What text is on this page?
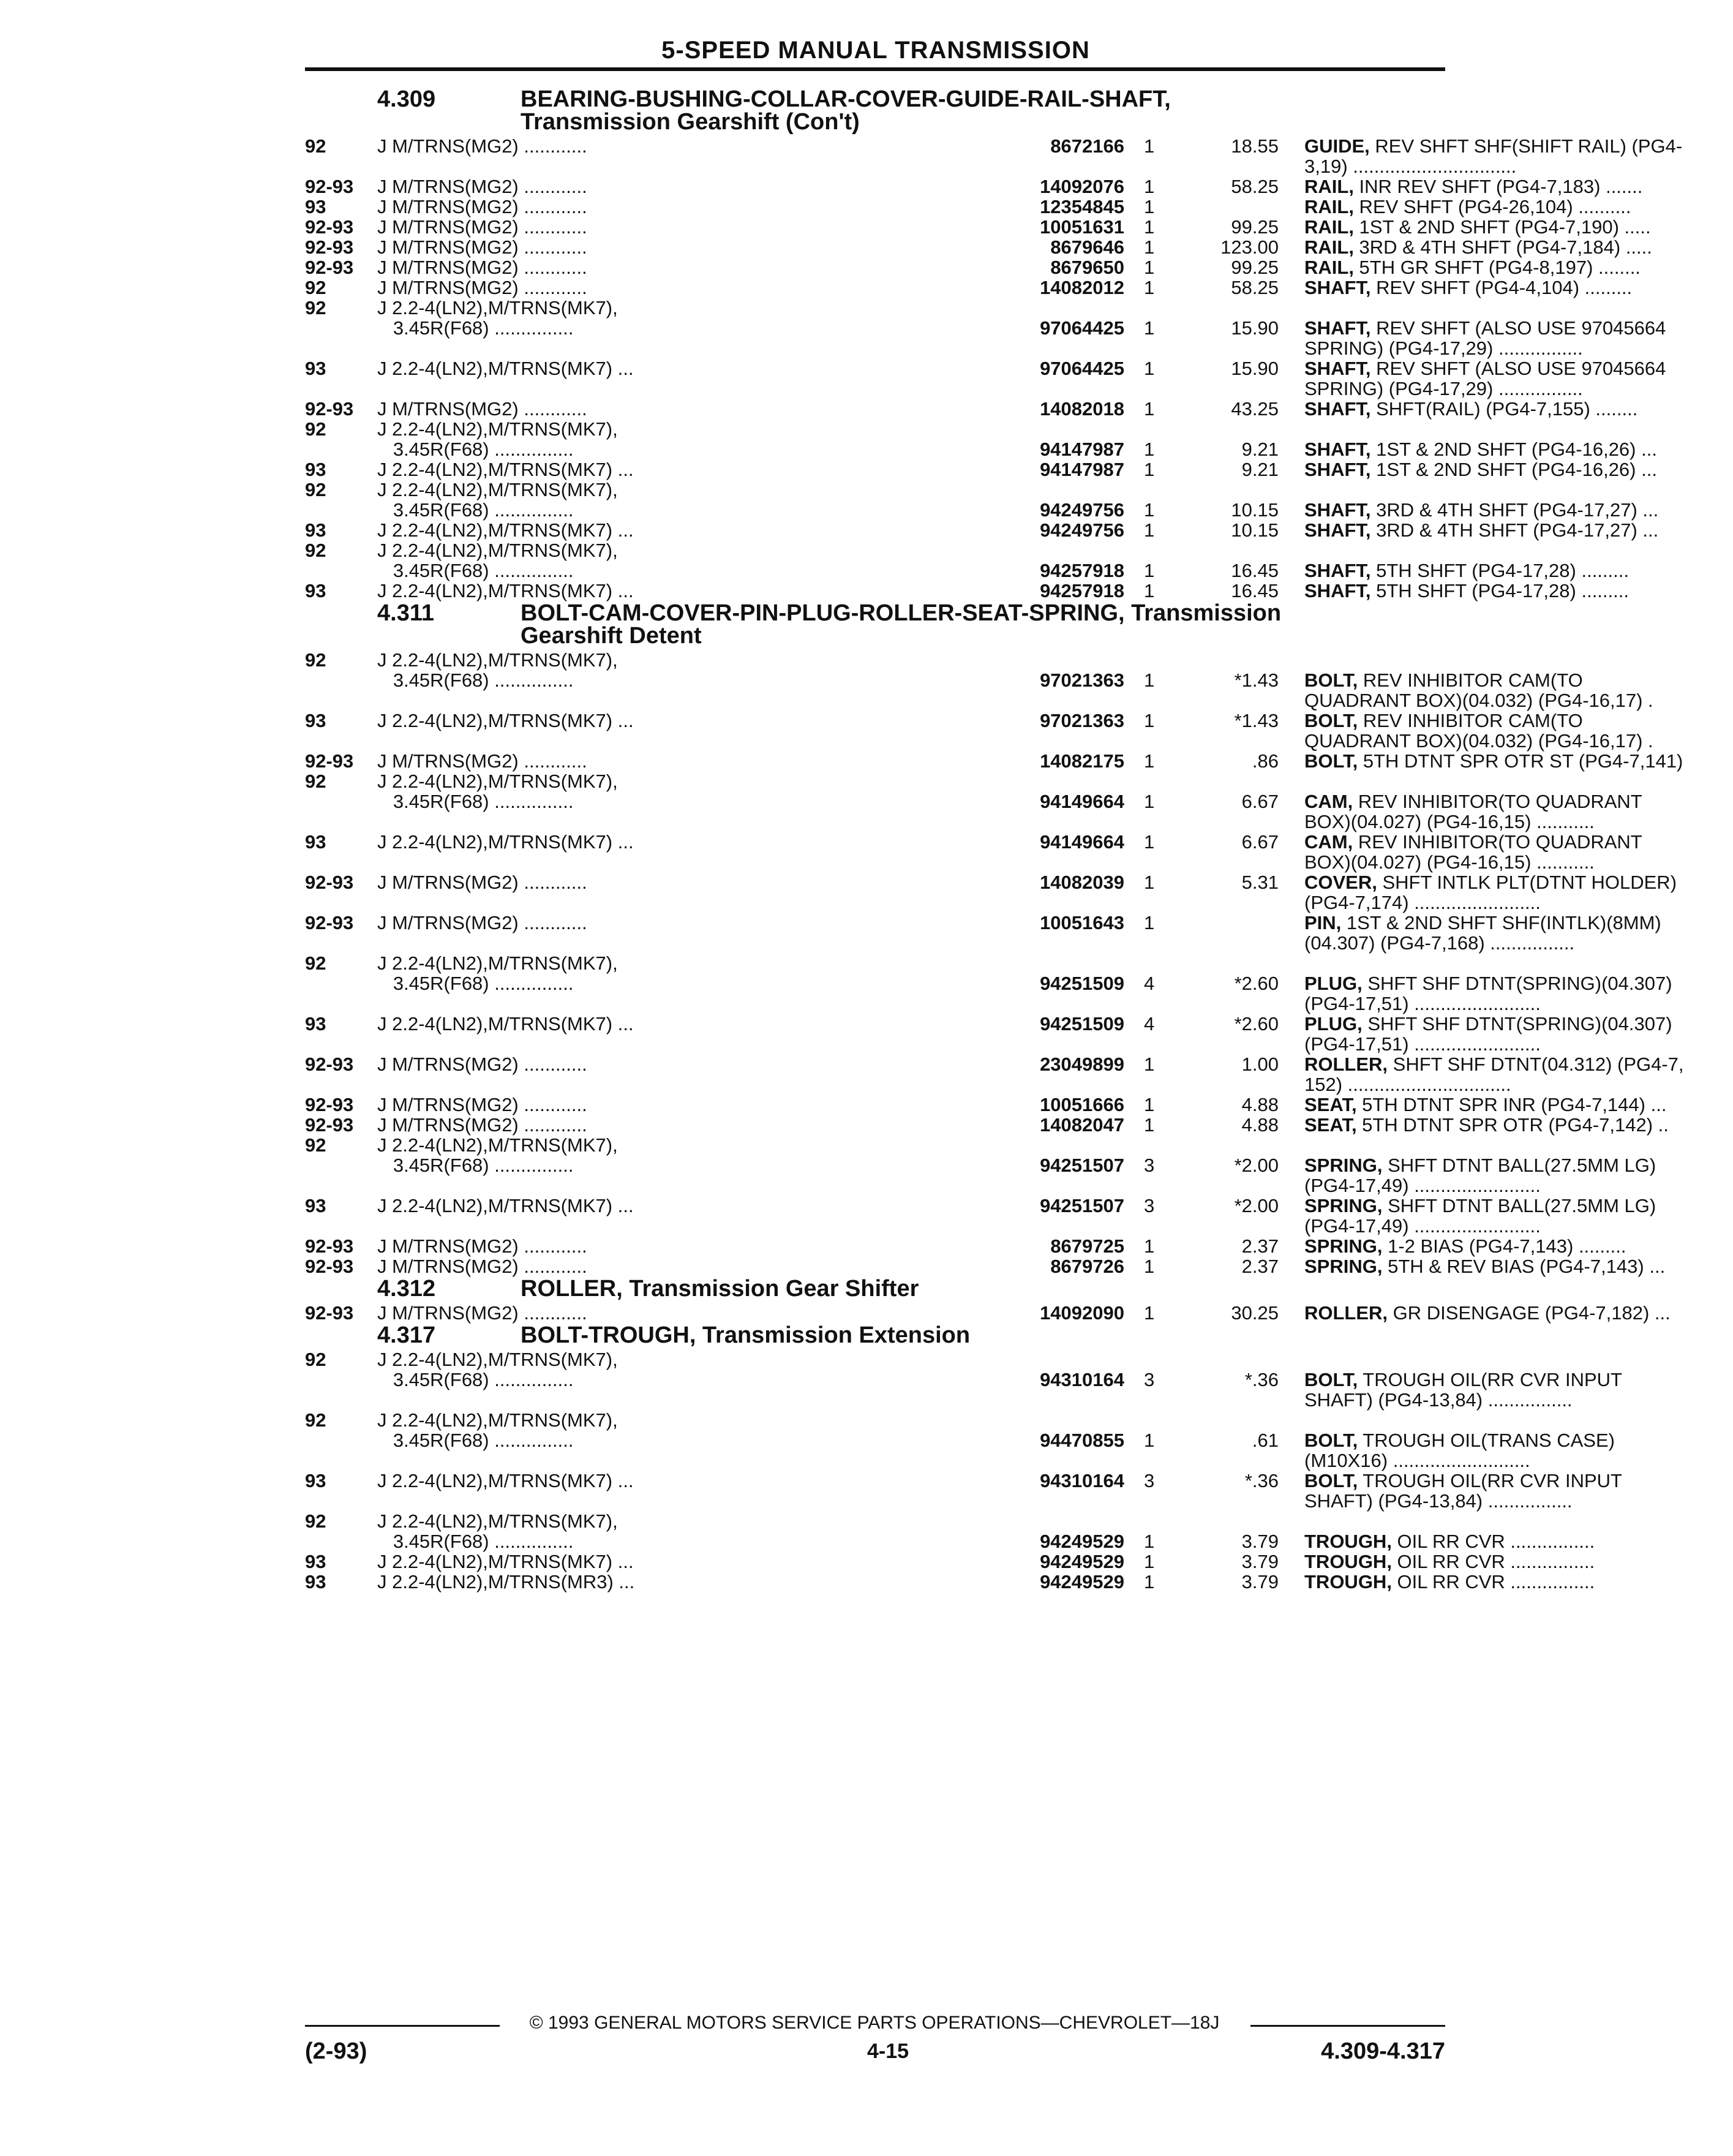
5-SPEED MANUAL TRANSMISSION
4.309	BEARING-BUSHING-COLLAR-COVER-GUIDE-RAIL-SHAFT,
Transmission Gearshift (Con't)
92	J M/TRNS(MG2) ............	8672166 1	18.55 GUIDE, REV SHFT SHF(SHIFT RAIL) (PG4-
3,19) ...............................
92-93	J M/TRNS(MG2) ............	14092076 1	58.25 RAIL, INR REV SHFT (PG4-7,183) .......
93	J M/TRNS(MG2) ............	12354845 1	RAIL, REV SHFT (PG4-26,104) ..........
92-93	J M/TRNS(MG2) ............	10051631 1	99.25 RAIL, 1ST & 2ND SHFT (PG4-7,190) .....
92-93	J M/TRNS(MG2) ............	8679646 1	123.00 RAIL, 3RD & 4TH SHFT (PG4-7,184) .....
92-93	J M/TRNS(MG2) ............	8679650 1	99.25 RAIL, 5TH GR SHFT (PG4-8,197) ........
92	J M/TRNS(MG2) ............	14082012 1	58.25 SHAFT, REV SHFT (PG4-4,104) .........
92	J 2.2-4(LN2),M/TRNS(MK7),
3.45R(F68) ...............	97064425 1	15.90 SHAFT, REV SHFT (ALSO USE 97045664
SPRING) (PG4-17,29) ................
93	J 2.2-4(LN2),M/TRNS(MK7) ...	97064425 1	15.90 SHAFT, REV SHFT (ALSO USE 97045664
SPRING) (PG4-17,29) ................
92-93	J M/TRNS(MG2) ............	14082018 1	43.25 SHAFT, SHFT(RAIL) (PG4-7,155) ........
92	J 2.2-4(LN2),M/TRNS(MK7),
3.45R(F68) ...............	94147987 1	9.21 SHAFT, 1ST & 2ND SHFT (PG4-16,26) ...
93	J 2.2-4(LN2),M/TRNS(MK7) ...	94147987 1	9.21 SHAFT, 1ST & 2ND SHFT (PG4-16,26) ...
92	J 2.2-4(LN2),M/TRNS(MK7),
3.45R(F68) ...............	94249756 1	10.15 SHAFT, 3RD & 4TH SHFT (PG4-17,27) ...
93	J 2.2-4(LN2),M/TRNS(MK7) ...	94249756 1	10.15 SHAFT, 3RD & 4TH SHFT (PG4-17,27) ...
92	J 2.2-4(LN2),M/TRNS(MK7),
3.45R(F68) ...............	94257918 1	16.45 SHAFT, 5TH SHFT (PG4-17,28) .........
93	J 2.2-4(LN2),M/TRNS(MK7) ...	94257918 1	16.45 SHAFT, 5TH SHFT (PG4-17,28) .........
4.311	BOLT-CAM-COVER-PIN-PLUG-ROLLER-SEAT-SPRING, Transmission
Gearshift Detent
92	J 2.2-4(LN2),M/TRNS(MK7),
3.45R(F68) ...............	97021363 1	*1.43 BOLT, REV INHIBITOR CAM(TO
QUADRANT BOX)(04.032) (PG4-16,17) .
93	J 2.2-4(LN2),M/TRNS(MK7) ...	97021363 1	*1.43 BOLT, REV INHIBITOR CAM(TO
QUADRANT BOX)(04.032) (PG4-16,17) .
92-93	J M/TRNS(MG2) ............	14082175 1	.86 BOLT, 5TH DTNT SPR OTR ST (PG4-7,141)
92	J 2.2-4(LN2),M/TRNS(MK7),
3.45R(F68) ...............	94149664 1	6.67 CAM, REV INHIBITOR(TO QUADRANT
BOX)(04.027) (PG4-16,15) ...........
93	J 2.2-4(LN2),M/TRNS(MK7) ...	94149664 1	6.67 CAM, REV INHIBITOR(TO QUADRANT
BOX)(04.027) (PG4-16,15) ...........
92-93	J M/TRNS(MG2) ............	14082039 1	5.31 COVER, SHFT INTLK PLT(DTNT HOLDER)
(PG4-7,174) ........................
92-93	J M/TRNS(MG2) ............	10051643 1	PIN, 1ST & 2ND SHFT SHF(INTLK)(8MM)
(04.307) (PG4-7,168) ................
92	J 2.2-4(LN2),M/TRNS(MK7),
3.45R(F68) ...............	94251509 4	*2.60 PLUG, SHFT SHF DTNT(SPRING)(04.307)
(PG4-17,51) ........................
93	J 2.2-4(LN2),M/TRNS(MK7) ...	94251509 4	*2.60 PLUG, SHFT SHF DTNT(SPRING)(04.307)
(PG4-17,51) ........................
92-93	J M/TRNS(MG2) ............	23049899 1	1.00 ROLLER, SHFT SHF DTNT(04.312) (PG4-7,
152) ...............................
92-93	J M/TRNS(MG2) ............	10051666 1	4.88 SEAT, 5TH DTNT SPR INR (PG4-7,144) ...
92-93	J M/TRNS(MG2) ............	14082047 1	4.88 SEAT, 5TH DTNT SPR OTR (PG4-7,142) ..
92	J 2.2-4(LN2),M/TRNS(MK7),
3.45R(F68) ...............	94251507 3	*2.00 SPRING, SHFT DTNT BALL(27.5MM LG)
(PG4-17,49) ........................
93	J 2.2-4(LN2),M/TRNS(MK7) ...	94251507 3	*2.00 SPRING, SHFT DTNT BALL(27.5MM LG)
(PG4-17,49) ........................
92-93	J M/TRNS(MG2) ............	8679725 1	2.37 SPRING, 1-2 BIAS (PG4-7,143) .........
92-93	J M/TRNS(MG2) ............	8679726 1	2.37 SPRING, 5TH & REV BIAS (PG4-7,143) ...
4.312	ROLLER, Transmission Gear Shifter
92-93	J M/TRNS(MG2) ............	14092090 1	30.25 ROLLER, GR DISENGAGE (PG4-7,182) ...
4.317	BOLT-TROUGH, Transmission Extension
92	J 2.2-4(LN2),M/TRNS(MK7),
3.45R(F68) ...............	94310164 3	*.36 BOLT, TROUGH OIL(RR CVR INPUT
SHAFT) (PG4-13,84) ................
92	J 2.2-4(LN2),M/TRNS(MK7),
3.45R(F68) ...............	94470855 1	.61 BOLT, TROUGH OIL(TRANS CASE)
(M10X16) ..........................
93	J 2.2-4(LN2),M/TRNS(MK7) ...	94310164 3	*.36 BOLT, TROUGH OIL(RR CVR INPUT
SHAFT) (PG4-13,84) ................
92	J 2.2-4(LN2),M/TRNS(MK7),
3.45R(F68) ...............	94249529 1	3.79 TROUGH, OIL RR CVR ................
93	J 2.2-4(LN2),M/TRNS(MK7) ...	94249529 1	3.79 TROUGH, OIL RR CVR ................
93	J 2.2-4(LN2),M/TRNS(MR3) ...	94249529 1	3.79 TROUGH, OIL RR CVR ................
© 1993 GENERAL MOTORS SERVICE PARTS OPERATIONS—CHEVROLET—18J
(2-93)	4-15	4.309-4.317
